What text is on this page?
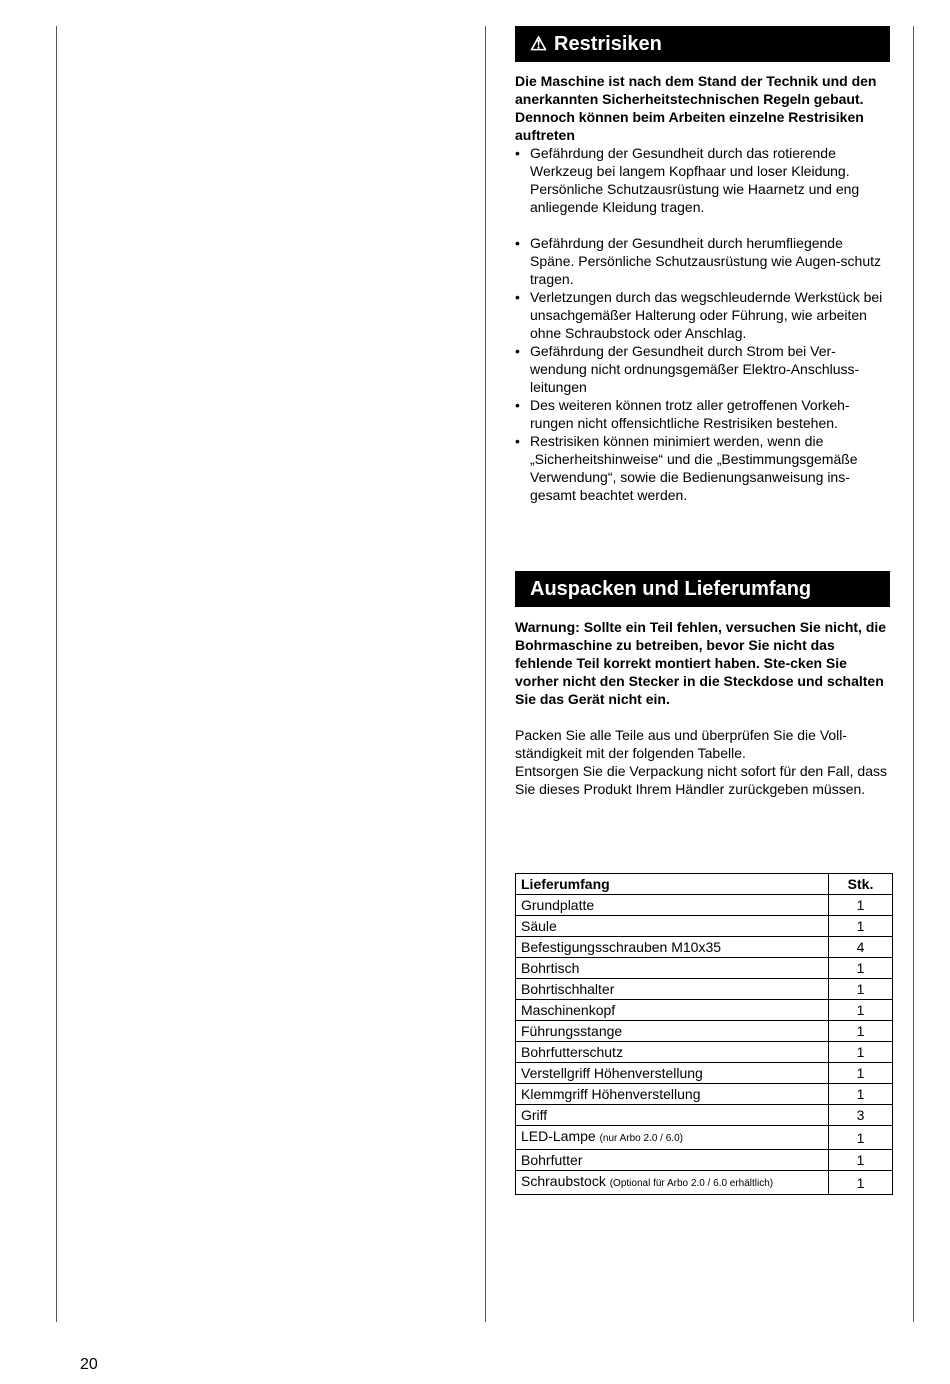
⚠ Restrisiken

Die Maschine ist nach dem Stand der Technik und den anerkannten Sicherheitstechnischen Regeln gebaut. Dennoch können beim Arbeiten einzelne Restrisiken auftreten

• Gefährdung der Gesundheit durch das rotierende Werkzeug bei langem Kopfhaar und loser Kleidung. Persönliche Schutzausrüstung wie Haarnetz und eng anliegende Kleidung tragen.
• Gefährdung der Gesundheit durch herumfliegende Späne. Persönliche Schutzausrüstung wie Augen-schutz tragen.
• Verletzungen durch das wegschleudernde Werkstück bei unsachgemäßer Halterung oder Führung, wie arbeiten ohne Schraubstock oder Anschlag.
• Gefährdung der Gesundheit durch Strom bei Ver-wendung nicht ordnungsgemäßer Elektro-Anschluss-leitungen
• Des weiteren können trotz aller getroffenen Vorkeh-rungen nicht offensichtliche Restrisiken bestehen.
• Restrisiken können minimiert werden, wenn die „Sicherheitshinweise“ und die „Bestimmungsgemäße Verwendung“, sowie die Bedienungsanweisung ins-gesamt beachtet werden.
Auspacken und Lieferumfang

Warnung: Sollte ein Teil fehlen, versuchen Sie nicht, die Bohrmaschine zu betreiben, bevor Sie nicht das fehlende Teil korrekt montiert haben. Ste-cken Sie vorher nicht den Stecker in die Steckdose und schalten Sie das Gerät nicht ein.

Packen Sie alle Teile aus und überprüfen Sie die Voll-ständigkeit mit der folgenden Tabelle.

Entsorgen Sie die Verpackung nicht sofort für den Fall, dass Sie dieses Produkt Ihrem Händler zurückgeben müssen.

Lieferumfang	Stk.
Grundplatte	1
Säule	1
Befestigungsschrauben M10x35	4
Bohrtisch	1
Bohrtischhalter	1
Maschinenkopf	1
Führungsstange	1
Bohrfutterschutz	1
Verstellgriff Höhenverstellung	1
Klemmgriff Höhenverstellung	1
Griff	3
LED-Lampe (nur Arbo 2.0 / 6.0)	1
Bohrfutter	1
Schraubstock (Optional für Arbo 2.0 / 6.0 erhältlich)	1
20
